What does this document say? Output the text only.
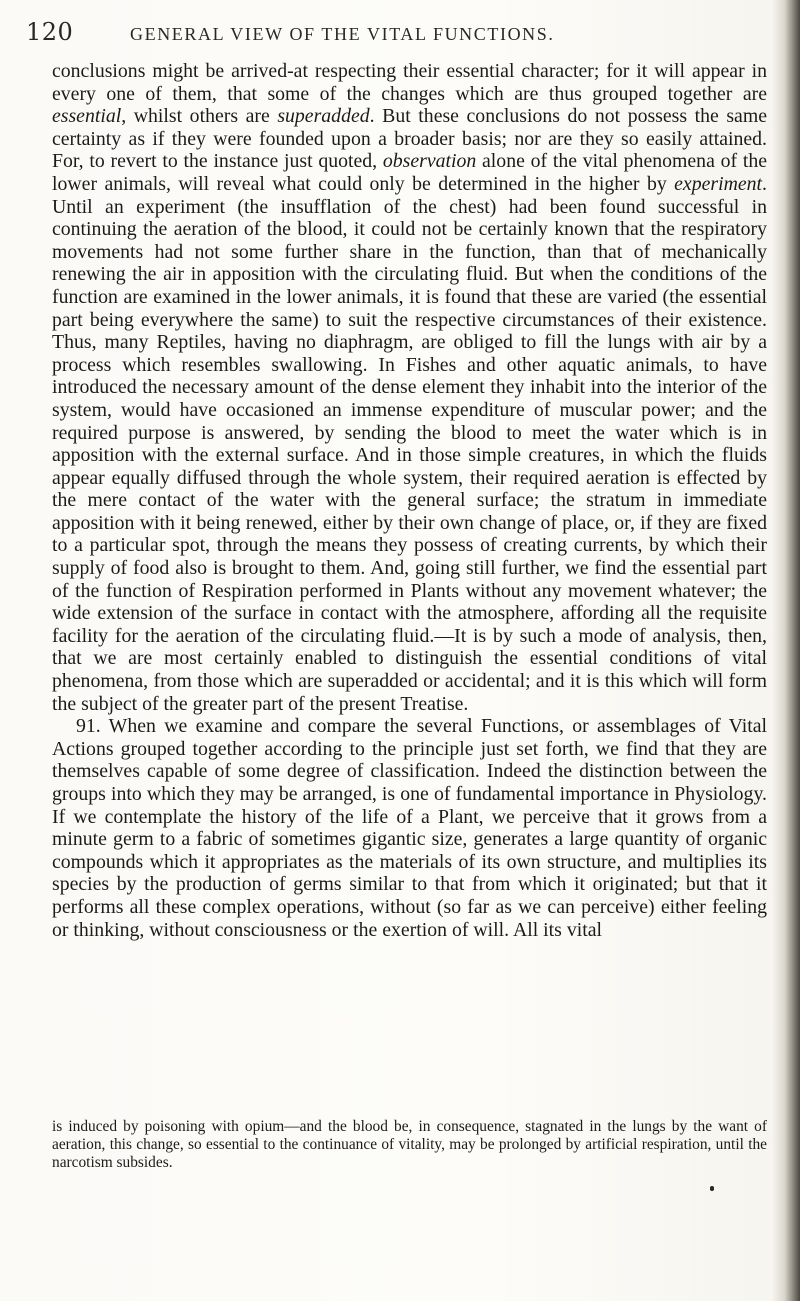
120	GENERAL VIEW OF THE VITAL FUNCTIONS.

conclusions might be arrived-at respecting their essential character; for it will appear in every one of them, that some of the changes which are thus grouped together are essential, whilst others are superadded. But these conclusions do not possess the same certainty as if they were founded upon a broader basis; nor are they so easily attained. For, to revert to the instance just quoted, observation alone of the vital phenomena of the lower animals, will reveal what could only be determined in the higher by experiment. Until an experiment (the insufflation of the chest) had been found successful in continuing the aeration of the blood, it could not be certainly known that the respiratory movements had not some further share in the function, than that of mechanically renewing the air in apposition with the circulating fluid. But when the conditions of the function are examined in the lower animals, it is found that these are varied (the essential part being everywhere the same) to suit the respective circumstances of their existence. Thus, many Reptiles, having no diaphragm, are obliged to fill the lungs with air by a process which resembles swallowing. In Fishes and other aquatic animals, to have introduced the necessary amount of the dense element they inhabit into the interior of the system, would have occasioned an immense expenditure of muscular power; and the required purpose is answered, by sending the blood to meet the water which is in apposition with the external surface. And in those simple creatures, in which the fluids appear equally diffused through the whole system, their required aeration is effected by the mere contact of the water with the general surface; the stratum in immediate apposition with it being renewed, either by their own change of place, or, if they are fixed to a particular spot, through the means they possess of creating currents, by which their supply of food also is brought to them. And, going still further, we find the essential part of the function of Respiration performed in Plants without any movement whatever; the wide extension of the surface in contact with the atmosphere, affording all the requisite facility for the aeration of the circulating fluid.—It is by such a mode of analysis, then, that we are most certainly enabled to distinguish the essential conditions of vital phenomena, from those which are superadded or accidental; and it is this which will form the subject of the greater part of the present Treatise.

91. When we examine and compare the several Functions, or assemblages of Vital Actions grouped together according to the principle just set forth, we find that they are themselves capable of some degree of classification. Indeed the distinction between the groups into which they may be arranged, is one of fundamental importance in Physiology. If we contemplate the history of the life of a Plant, we perceive that it grows from a minute germ to a fabric of sometimes gigantic size, generates a large quantity of organic compounds which it appropriates as the materials of its own structure, and multiplies its species by the production of germs similar to that from which it originated; but that it performs all these complex operations, without (so far as we can perceive) either feeling or thinking, without consciousness or the exertion of will. All its vital

is induced by poisoning with opium—and the blood be, in consequence, stagnated in the lungs by the want of aeration, this change, so essential to the continuance of vitality, may be prolonged by artificial respiration, until the narcotism subsides.
